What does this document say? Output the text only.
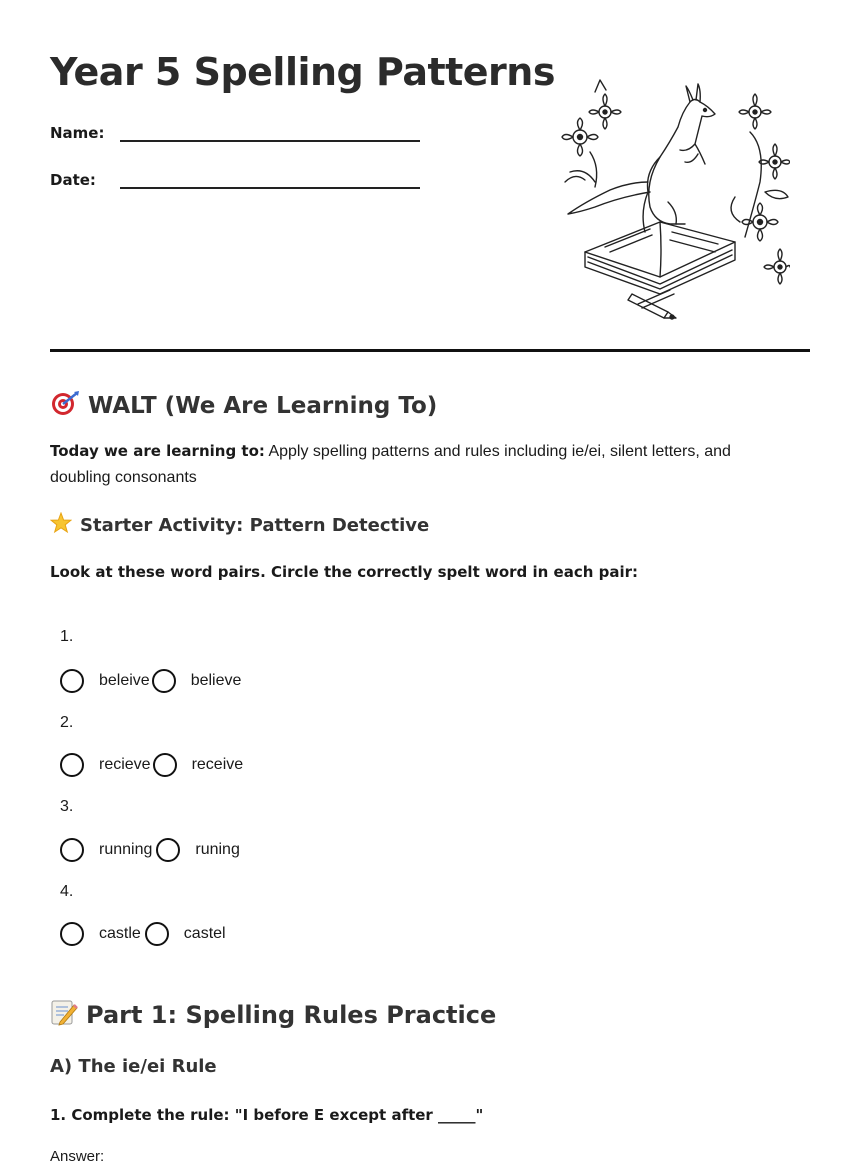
Year 5 Spelling Patterns
Name:
Date:
WALT (We Are Learning To)
Today we are learning to: Apply spelling patterns and rules including ie/ei, silent letters, and doubling consonants
Starter Activity: Pattern Detective
Look at these word pairs. Circle the correctly spelt word in each pair:
1.
beleive	believe
2.
recieve	receive
3.
running	runing
4.
castle	castel
Part 1: Spelling Rules Practice
A) The ie/ei Rule
1. Complete the rule: "I before E except after _____"
Answer:
